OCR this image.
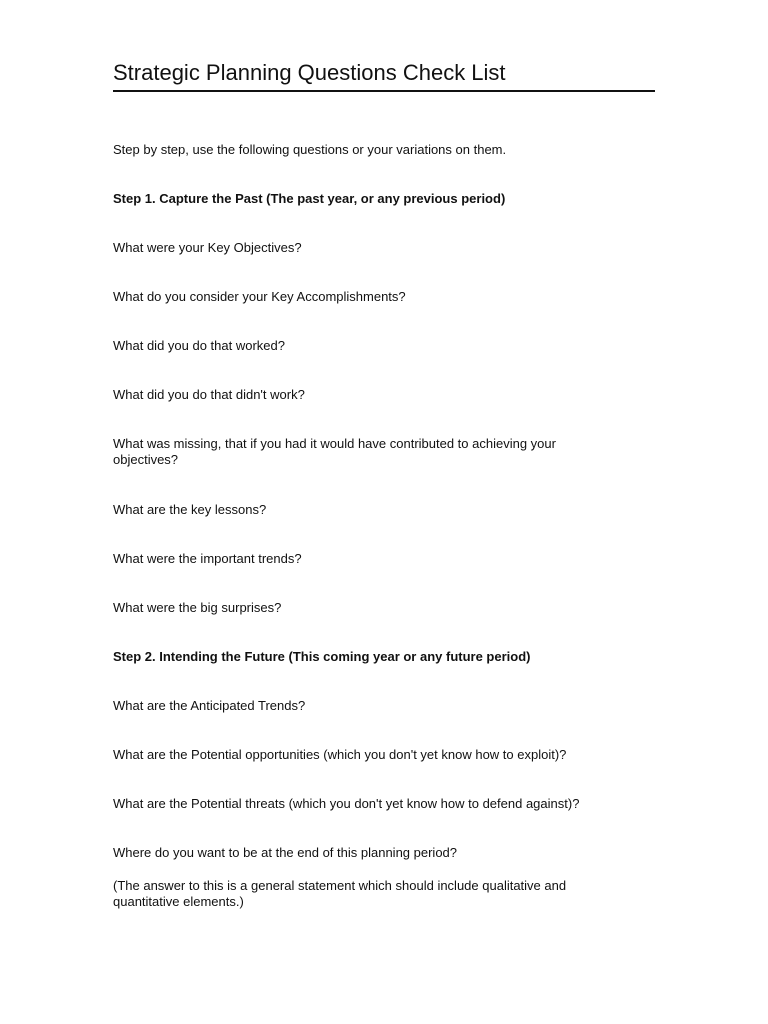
Strategic Planning Questions Check List
Step by step, use the following questions or your variations on them.
Step 1. Capture the Past (The past year, or any previous period)
What were your Key Objectives?
What do you consider your Key Accomplishments?
What did you do that worked?
What did you do that didn't work?
What was missing, that if you had it would have contributed to achieving your objectives?
What are the key lessons?
What were the important trends?
What were the big surprises?
Step 2. Intending the Future (This coming year or any future period)
What are the Anticipated Trends?
What are the Potential opportunities (which you don't yet know how to exploit)?
What are the Potential threats (which you don't yet know how to defend against)?
Where do you want to be at the end of this planning period?
(The answer to this is a general statement which should include qualitative and quantitative elements.)
